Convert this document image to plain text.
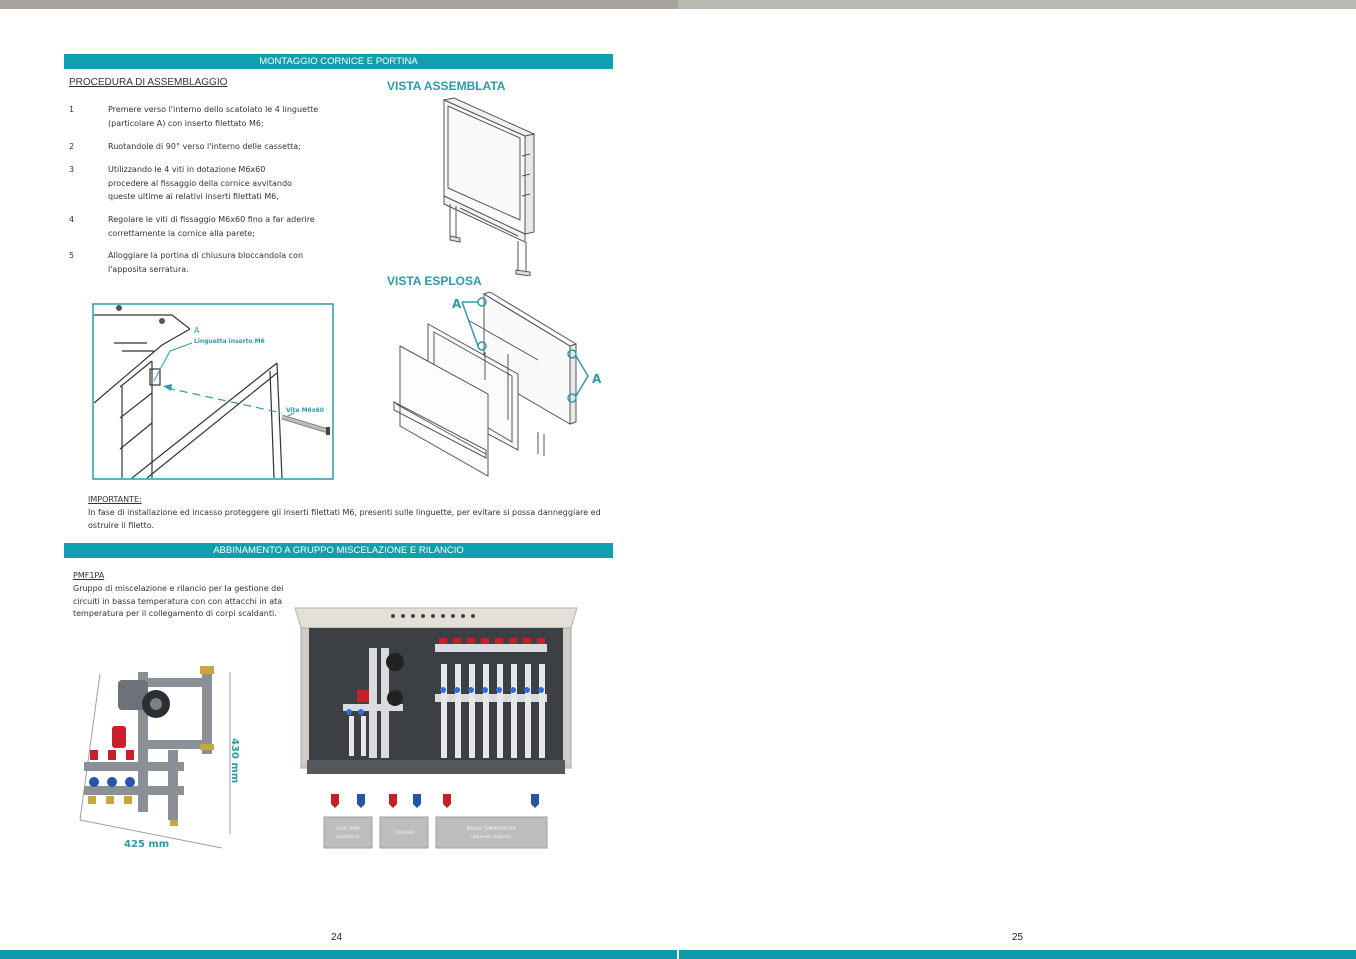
MONTAGGIO CORNICE E PORTINA
PROCEDURA DI ASSEMBLAGGIO
1	Premere verso l'interno dello scatolato le 4 linguette (particolare A) con inserto filettato M6;
2	Ruotandole di 90° verso l'interno delle cassetta;
3	Utilizzando le 4 viti in dotazione M6x60 procedere al fissaggio della cornice avvitando queste ultime ai relativi inserti filettati M6,
4	Regolare le viti di fissaggio M6x60 fino a far aderire correttamente la cornice alla parete;
5	Alloggiare la portina di chiusura bloccandola con l'apposita serratura.
VISTA ASSEMBLATA
VISTA ESPLOSA
A
Linguetta inserto M6
Vite M6x60
A
A
IMPORTANTE:
In fase di installazione ed incasso proteggere gli inserti filettati M6, presenti sulle linguette, per evitare si possa danneggiare ed ostruire il filetto.
ABBINAMENTO A GRUPPO MISCELAZIONE E RILANCIO
PMF1PA
Gruppo di miscelazione e rilancio per la gestione dei circuiti in bassa temperatura con con attacchi in ata temperatura per il collegamento di corpi scaldanti.
430 mm
425 mm
ALTA TEMP
(radiatori)
CALDAIA
BASSA TEMPERATURA
(pannelli radianti)
24	25
